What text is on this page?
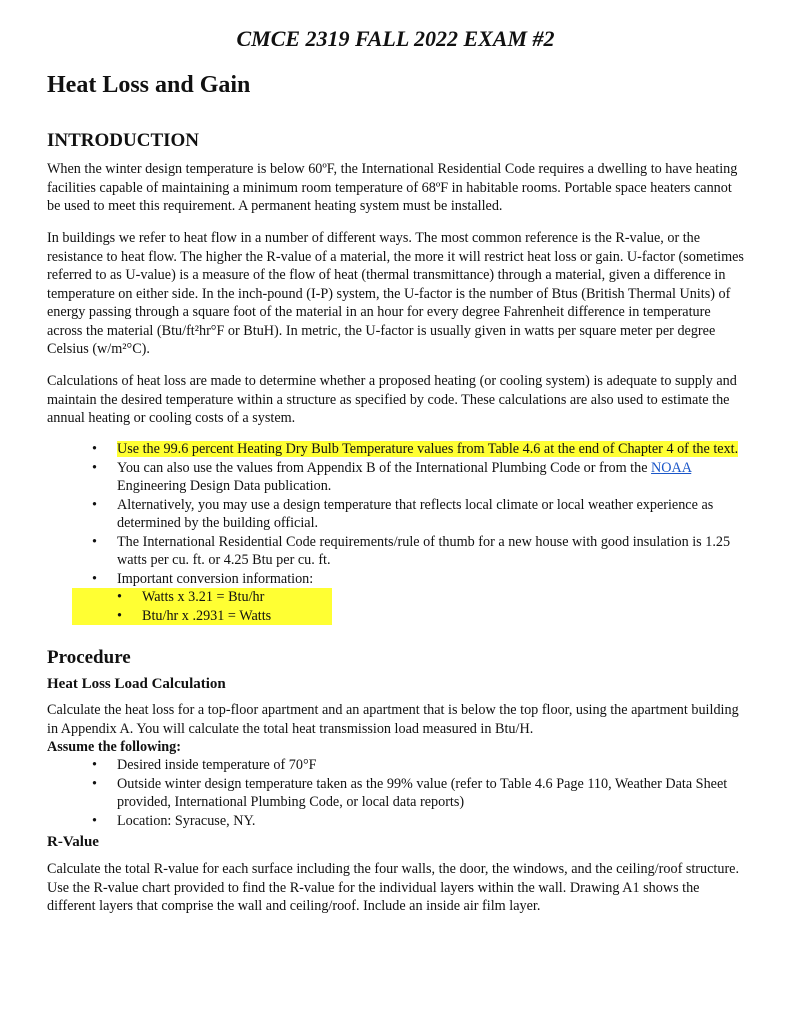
CMCE 2319 FALL 2022 EXAM #2
Heat Loss and Gain
INTRODUCTION

When the winter design temperature is below 60ºF, the International Residential Code requires a dwelling to have heating facilities capable of maintaining a minimum room temperature of 68ºF in habitable rooms. Portable space heaters cannot be used to meet this requirement. A permanent heating system must be installed.

In buildings we refer to heat flow in a number of different ways. The most common reference is the R-value, or the resistance to heat flow. The higher the R-value of a material, the more it will restrict heat loss or gain. U-factor (sometimes referred to as U-value) is a measure of the flow of heat (thermal transmittance) through a material, given a difference in temperature on either side. In the inch-pound (I-P) system, the U-factor is the number of Btus (British Thermal Units) of energy passing through a square foot of the material in an hour for every degree Fahrenheit difference in temperature across the material (Btu/ft²hr°F or BtuH). In metric, the U-factor is usually given in watts per square meter per degree Celsius (w/m²°C).

Calculations of heat loss are made to determine whether a proposed heating (or cooling system) is adequate to supply and maintain the desired temperature within a structure as specified by code. These calculations are also used to estimate the annual heating or cooling costs of a system.

• Use the 99.6 percent Heating Dry Bulb Temperature values from Table 4.6 at the end of Chapter 4 of the text.
• You can also use the values from Appendix B of the International Plumbing Code or from the NOAA Engineering Design Data publication.
• Alternatively, you may use a design temperature that reflects local climate or local weather experience as determined by the building official.
• The International Residential Code requirements/rule of thumb for a new house with good insulation is 1.25 watts per cu. ft. or 4.25 Btu per cu. ft.
• Important conversion information:
• Watts x 3.21 = Btu/hr
• Btu/hr x .2931 = Watts
Procedure
Heat Loss Load Calculation

Calculate the heat loss for a top-floor apartment and an apartment that is below the top floor, using the apartment building in Appendix A. You will calculate the total heat transmission load measured in Btu/H.

Assume the following:

• Desired inside temperature of 70°F
• Outside winter design temperature taken as the 99% value (refer to Table 4.6 Page 110, Weather Data Sheet provided, International Plumbing Code, or local data reports)
• Location: Syracuse, NY.
R-Value

Calculate the total R-value for each surface including the four walls, the door, the windows, and the ceiling/roof structure. Use the R-value chart provided to find the R-value for the individual layers within the wall. Drawing A1 shows the different layers that comprise the wall and ceiling/roof. Include an inside air film layer.
